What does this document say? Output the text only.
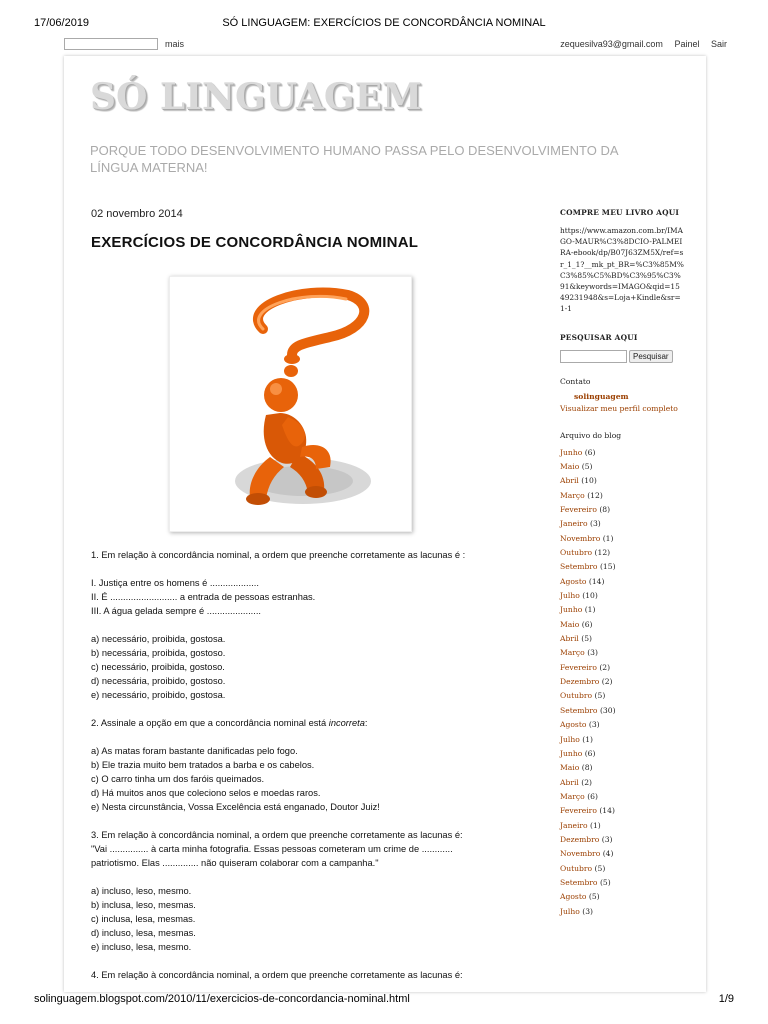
17/06/2019	SÓ LINGUAGEM: EXERCÍCIOS DE CONCORDÂNCIA NOMINAL
mais	zequesilva93@gmail.com Painel Sair
SÓ LINGUAGEM
PORQUE TODO DESENVOLVIMENTO HUMANO PASSA PELO DESENVOLVIMENTO DA LÍNGUA MATERNA!
02 novembro 2014
EXERCÍCIOS DE CONCORDÂNCIA NOMINAL

1. Em relação à concordância nominal, a ordem que preenche corretamente as lacunas é :

I. Justiça entre os homens é ...................

II. É .......................... a entrada de pessoas estranhas.

III. A água gelada sempre é .....................

a) necessário, proibida, gostosa.

b) necessária, proibida, gostoso.

c) necessário, proibida, gostoso.

d) necessária, proibido, gostoso.

e) necessário, proibido, gostosa.

2. Assinale a opção em que a concordância nominal está incorreta:

a) As matas foram bastante danificadas pelo fogo.

b) Ele trazia muito bem tratados a barba e os cabelos.

c) O carro tinha um dos faróis queimados.

d) Há muitos anos que coleciono selos e moedas raros.

e) Nesta circunstância, Vossa Excelência está enganado, Doutor Juiz!

3. Em relação à concordância nominal, a ordem que preenche corretamente as lacunas é:

"Vai ............... à carta minha fotografia. Essas pessoas cometeram um crime de ............

patriotismo. Elas .............. não quiseram colaborar com a campanha."

a) incluso, leso, mesmo.

b) inclusa, leso, mesmas.

c) inclusa, lesa, mesmas.

d) incluso, lesa, mesmas.

e) incluso, lesa, mesmo.

4. Em relação à concordância nominal, a ordem que preenche corretamente as lacunas é:

COMPRE MEU LIVRO AQUI
https://www.amazon.com.br/IMAGO-MAUR%C3%8DCIO-PALMEIRA-ebook/dp/B07J63ZM5X/ref=sr_1_1?__mk_pt_BR=%C3%85M%C3%85%C5%BD%C3%95%C3%91&keywords=IMAGO&qid=1549231948&s=Loja+Kindle&sr=1-1
PESQUISAR AQUI
Pesquisar
Contato
solinguagem
Visualizar meu perfil completo
Arquivo do blog
Junho (6)
Maio (5)
Abril (10)
Março (12)
Fevereiro (8)
Janeiro (3)
Novembro (1)
Outubro (12)
Setembro (15)
Agosto (14)
Julho (10)
Junho (1)
Maio (6)
Abril (5)
Março (3)
Fevereiro (2)
Dezembro (2)
Outubro (5)
Setembro (30)
Agosto (3)
Julho (1)
Junho (6)
Maio (8)
Abril (2)
Março (6)
Fevereiro (14)
Janeiro (1)
Dezembro (3)
Novembro (4)
Outubro (5)
Setembro (5)
Agosto (5)
Julho (3)
solinguagem.blogspot.com/2010/11/exercicios-de-concordancia-nominal.html	1/9
